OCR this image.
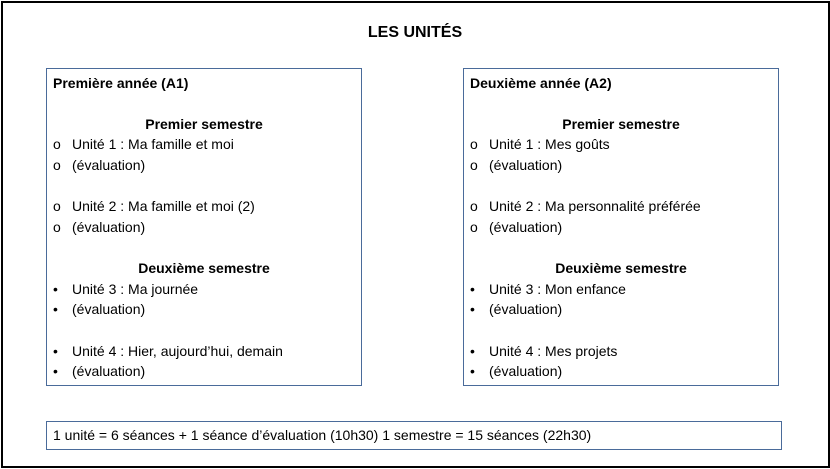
LES UNITÉS
Première année (A1)
Premier semestre
o Unité 1 : Ma famille et moi
o (évaluation)
o Unité 2 : Ma famille et moi (2)
o (évaluation)
Deuxième semestre
• Unité 3 : Ma journée
• (évaluation)
• Unité 4 : Hier, aujourd’hui, demain
• (évaluation)
Deuxième année (A2)
Premier semestre
o Unité 1 : Mes goûts
o (évaluation)
o Unité 2 : Ma personnalité préférée
o (évaluation)
Deuxième semestre
• Unité 3 : Mon enfance
• (évaluation)
• Unité 4 : Mes projets
• (évaluation)
1 unité = 6 séances + 1 séance d’évaluation (10h30) 1 semestre = 15 séances (22h30)
